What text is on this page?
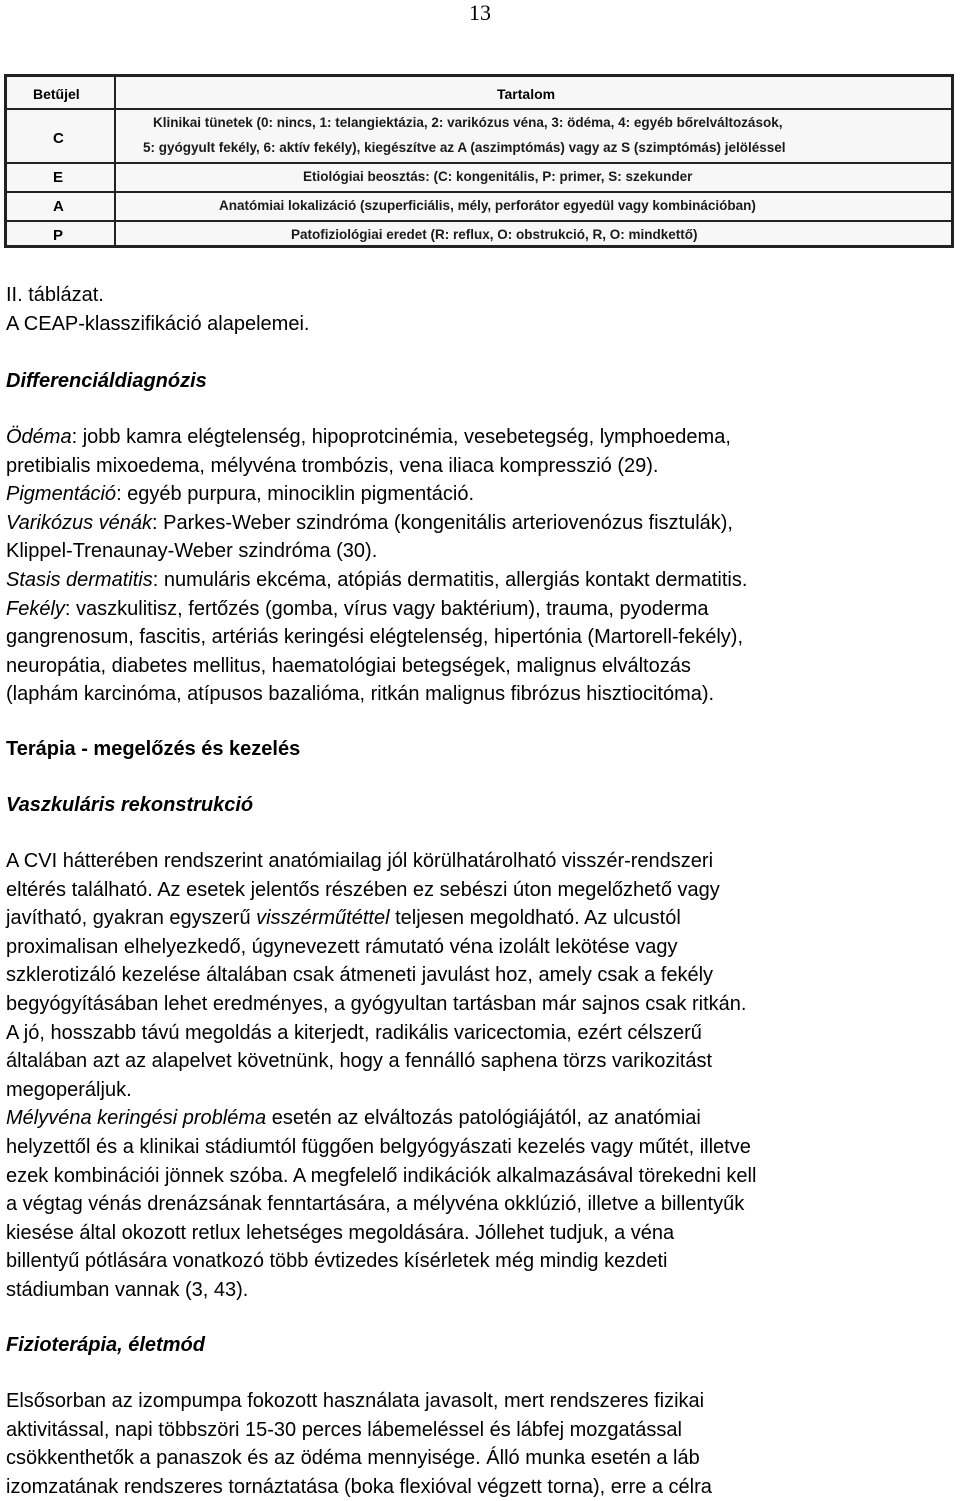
13
Betűjel	Tartalom
C
Klinikai tünetek (0: nincs, 1: telangiektázia, 2: varikózus véna, 3: ödéma, 4: egyéb bőrelváltozások,
5: gyógyult fekély, 6: aktív fekély), kiegészítve az A (aszimptómás) vagy az S (szimptómás) jelöléssel
E	Etiológiai beosztás: (C: kongenitális, P: primer, S: szekunder
A	Anatómiai lokalizáció (szuperficiális, mély, perforátor egyedül vagy kombinációban)
P	Patofiziológiai eredet (R: reflux, O: obstrukció, R, O: mindkettő)
II. táblázat.
A CEAP-klasszifikáció alapelemei.
Differenciáldiagnózis
Ödéma: jobb kamra elégtelenség, hipoprotcinémia, vesebetegség, lymphoedema,
pretibialis mixoedema, mélyvéna trombózis, vena iliaca kompresszió (29).
Pigmentáció: egyéb purpura, minociklin pigmentáció.
Varikózus vénák: Parkes-Weber szindróma (kongenitális arteriovenózus fisztulák),
Klippel-Trenaunay-Weber szindróma (30).
Stasis dermatitis: numuláris ekcéma, atópiás dermatitis, allergiás kontakt dermatitis.
Fekély: vaszkulitisz, fertőzés (gomba, vírus vagy baktérium), trauma, pyoderma
gangrenosum, fascitis, artériás keringési elégtelenség, hipertónia (Martorell-fekély),
neuropátia, diabetes mellitus, haematológiai betegségek, malignus elváltozás
(laphám karcinóma, atípusos bazalióma, ritkán malignus fibrózus hisztiocitóma).
Terápia - megelőzés és kezelés
Vaszkuláris rekonstrukció
A CVI hátterében rendszerint anatómiailag jól körülhatárolható visszér-rendszeri
eltérés található. Az esetek jelentős részében ez sebészi úton megelőzhető vagy
javítható, gyakran egyszerű visszérműtéttel teljesen megoldható. Az ulcustól
proximalisan elhelyezkedő, úgynevezett rámutató véna izolált lekötése vagy
szklerotizáló kezelése általában csak átmeneti javulást hoz, amely csak a fekély
begyógyításában lehet eredményes, a gyógyultan tartásban már sajnos csak ritkán.
A jó, hosszabb távú megoldás a kiterjedt, radikális varicectomia, ezért célszerű
általában azt az alapelvet követnünk, hogy a fennálló saphena törzs varikozitást
megoperáljuk.
Mélyvéna keringési probléma esetén az elváltozás patológiájától, az anatómiai
helyzettől és a klinikai stádiumtól függően belgyógyászati kezelés vagy műtét, illetve
ezek kombinációi jönnek szóba. A megfelelő indikációk alkalmazásával törekedni kell
a végtag vénás drenázsának fenntartására, a mélyvéna okklúzió, illetve a billentyűk
kiesése által okozott retlux lehetséges megoldására. Jóllehet tudjuk, a véna
billentyű pótlására vonatkozó több évtizedes kísérletek még mindig kezdeti
stádiumban vannak (3, 43).
Fizioterápia, életmód
Elsősorban az izompumpa fokozott használata javasolt, mert rendszeres fizikai
aktivitással, napi többszöri 15-30 perces lábemeléssel és lábfej mozgatással
csökkenthetők a panaszok és az ödéma mennyisége. Álló munka esetén a láb
izomzatának rendszeres tornáztatása (boka flexióval végzett torna), erre a célra
